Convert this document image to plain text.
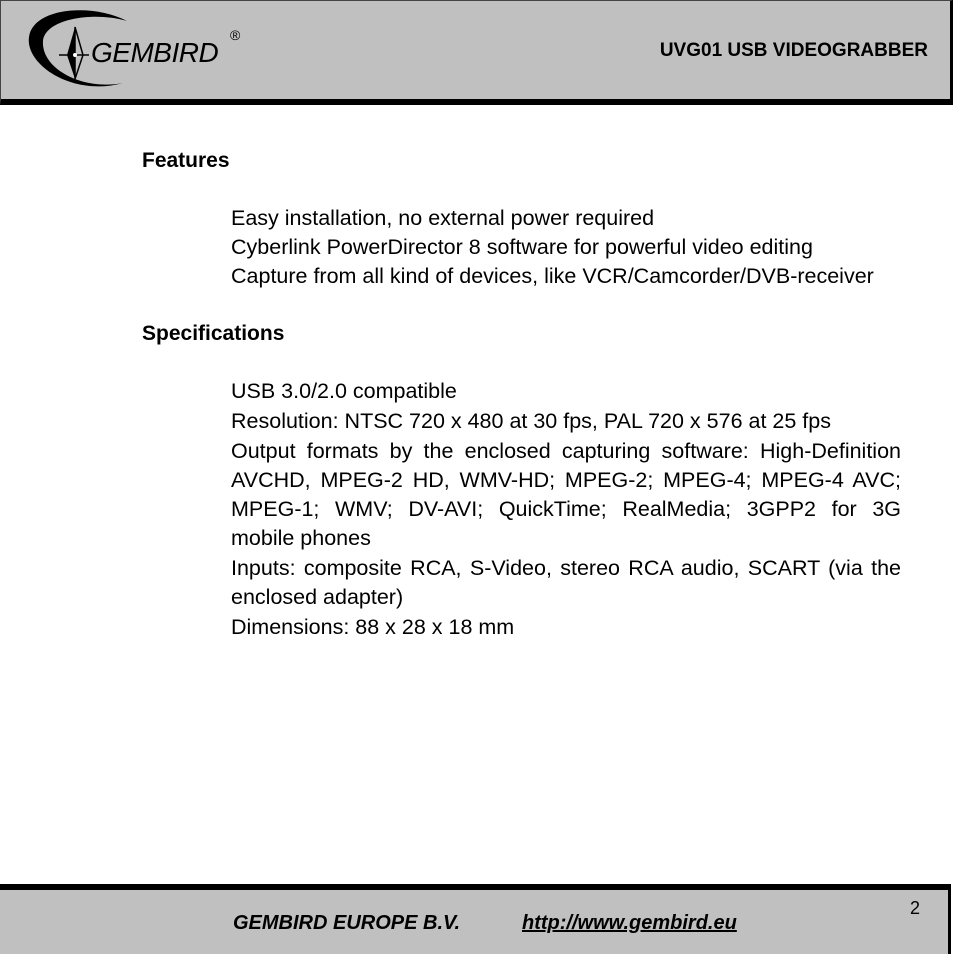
GEMBIRD
®
UVG01 USB VIDEOGRABBER
Features
Easy installation, no external power required
Cyberlink PowerDirector 8 software for powerful video editing
Capture from all kind of devices, like VCR/Camcorder/DVB-receiver
Specifications
USB 3.0/2.0 compatible
Resolution: NTSC 720 x 480 at 30 fps, PAL 720 x 576 at 25 fps
Output formats by the enclosed capturing software: High-Definition AVCHD, MPEG-2 HD, WMV-HD; MPEG-2; MPEG-4; MPEG-4 AVC; MPEG-1; WMV; DV-AVI; QuickTime; RealMedia; 3GPP2 for 3G mobile phones
Inputs: composite RCA, S-Video, stereo RCA audio, SCART (via the enclosed adapter)
Dimensions: 88 x 28 x 18 mm
GEMBIRD EUROPE B.V.	http://www.gembird.eu
2
